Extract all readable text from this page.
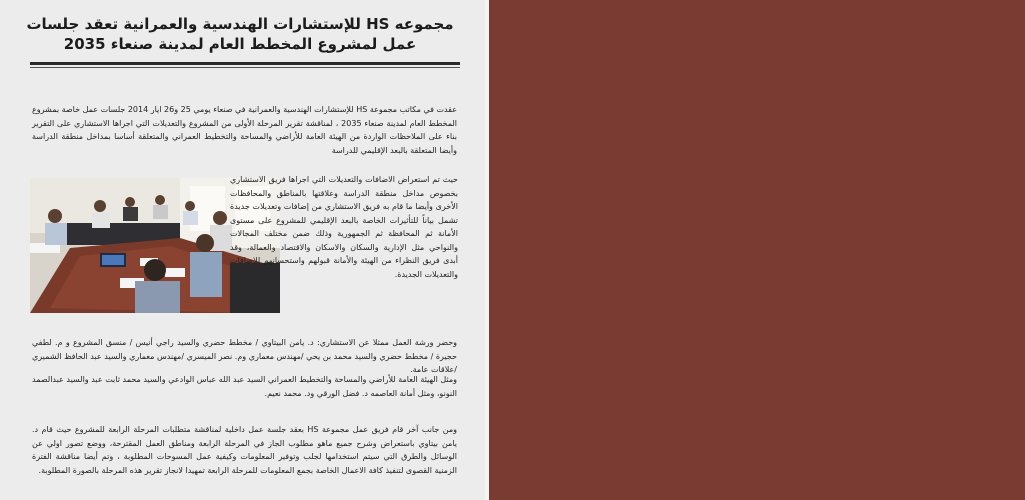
مجموعه HS للإستشارات الهندسية والعمرانية تعقد جلسات عمل لمشروع المخطط العام لمدينة صنعاء 2035

عقدت في مكاتب مجموعة HS للإستشارات الهندسية والعمرانية في صنعاء يومي 25 و26 ايار 2014 جلسات عمل خاصة بمشروع المخطط العام لمدينة صنعاء 2035 ، لمناقشة تقرير المرحلة الأولى من المشروع والتعديلات التي اجراها الاستشاري على التقرير بناء على الملاحظات الواردة من الهيئة العامة للأراضي والمساحة والتخطيط العمراني والمتعلقة أساسا بمداخل منطقة الدراسة وأيضا المتعلقة بالبعد الإقليمي للدراسة

حيث تم استعراض الاضافات والتعديلات التي اجراها فريق الاستشاري بخصوص مداخل منطقة الدراسة وعلاقتها بالمناطق والمحافظات الأخرى وأيضا ما قام به فريق الاستشاري من إضافات وتعديلات جديدة تشمل بياناً للتأثيرات الخاصة بالبعد الإقليمي للمشروع على مستوى الأمانة ثم المحافظة ثم الجمهورية وذلك ضمن مختلف المجالات والنواحي مثل الإدارية والسكان والاسكان والاقتصاد والعمالة، وقد أبدى فريق النظراء من الهيئة والأمانة قبولهم واستحسانهم للإضافات والتعديلات الجديدة.

وحضر ورشة العمل ممثلا عن الاستشاري: د. يامن البيتاوي / مخطط حضري والسيد راجي أنيس / منسق المشروع و م. لطفي حجيرة / مخطط حضري والسيد محمد بن يحي /مهندس معماري وم. نصر الميسري /مهندس معماري والسيد عبد الحافظ الشميري /علاقات عامة.

ومثل الهيئة العامة للأراضي والمساحة والتخطيط العمراني السيد عبد الله عباس الوادعي والسيد محمد ثابت عبد والسيد عبدالصمد النونو، ومثل أمانة العاصمه د. فضل الورقي ود. محمد نعيم.

ومن جانب آخر قام فريق عمل مجموعة HS بعقد جلسة عمل داخلية لمناقشة متطلبات المرحلة الرابعة للمشروع حيث قام د. يامن بيتاوي باستعراض وشرح جميع ماهو مطلوب الجاز في المرحلة الرابعة ومناطق العمل المقترحة، ووضع تصور اولي عن الوسائل والطرق التي سيتم استخدامها لجلب وتوفير المعلومات وكيفية عمل المسوحات المطلوبة ، وتم أيضا مناقشة الفترة الزمنية القصوى لتنفيذ كافة الاعمال الخاصة بجمع المعلومات للمرحلة الرابعة تمهيدا لانجاز تقرير هذه المرحلة بالصورة المطلوبة.
